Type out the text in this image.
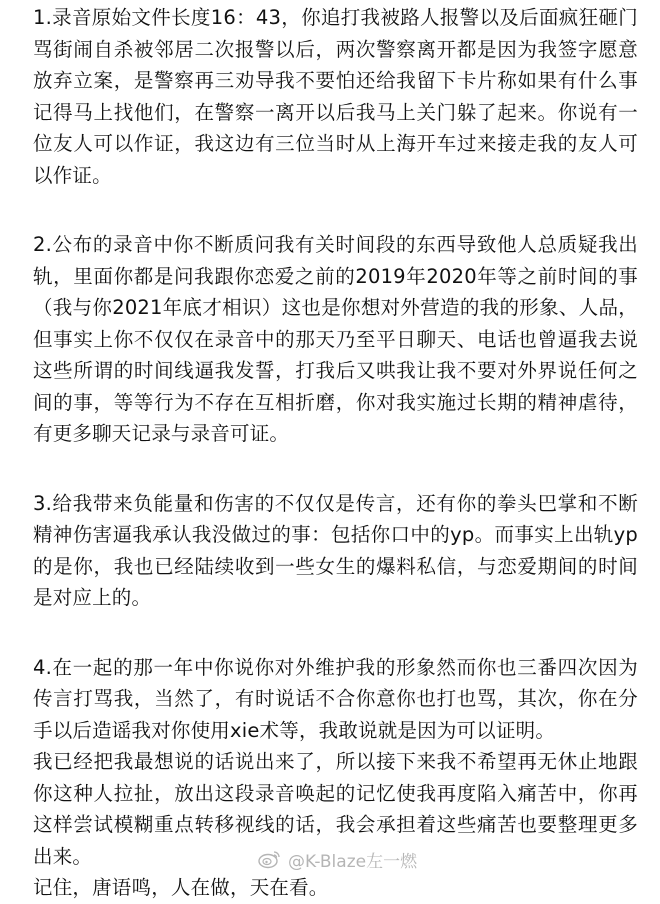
1.录音原始文件长度16：43，你追打我被路人报警以及后面疯狂砸门骂街闹自杀被邻居二次报警以后，两次警察离开都是因为我签字愿意放弃立案，是警察再三劝导我不要怕还给我留下卡片称如果有什么事记得马上找他们，在警察一离开以后我马上关门躲了起来。你说有一位友人可以作证，我这边有三位当时从上海开车过来接走我的友人可以作证。

2.公布的录音中你不断质问我有关时间段的东西导致他人总质疑我出轨，里面你都是问我跟你恋爱之前的2019年2020年等之前时间的事（我与你2021年底才相识）这也是你想对外营造的我的形象、人品，但事实上你不仅仅在录音中的那天乃至平日聊天、电话也曾逼我去说这些所谓的时间线逼我发誓，打我后又哄我让我不要对外界说任何之间的事，等等行为不存在互相折磨，你对我实施过长期的精神虐待，有更多聊天记录与录音可证。

3.给我带来负能量和伤害的不仅仅是传言，还有你的拳头巴掌和不断精神伤害逼我承认我没做过的事：包括你口中的yp。而事实上出轨yp的是你，我也已经陆续收到一些女生的爆料私信，与恋爱期间的时间是对应上的。

4.在一起的那一年中你说你对外维护我的形象然而你也三番四次因为传言打骂我，当然了，有时说话不合你意你也打也骂，其次，你在分手以后造谣我对你使用xie术等，我敢说就是因为可以证明。

我已经把我最想说的话说出来了，所以接下来我不希望再无休止地跟你这种人拉扯，放出这段录音唤起的记忆使我再度陷入痛苦中，你再这样尝试模糊重点转移视线的话，我会承担着这些痛苦也要整理更多出来。

记住，唐语鸣，人在做，天在看。

@K-Blaze左一燃
